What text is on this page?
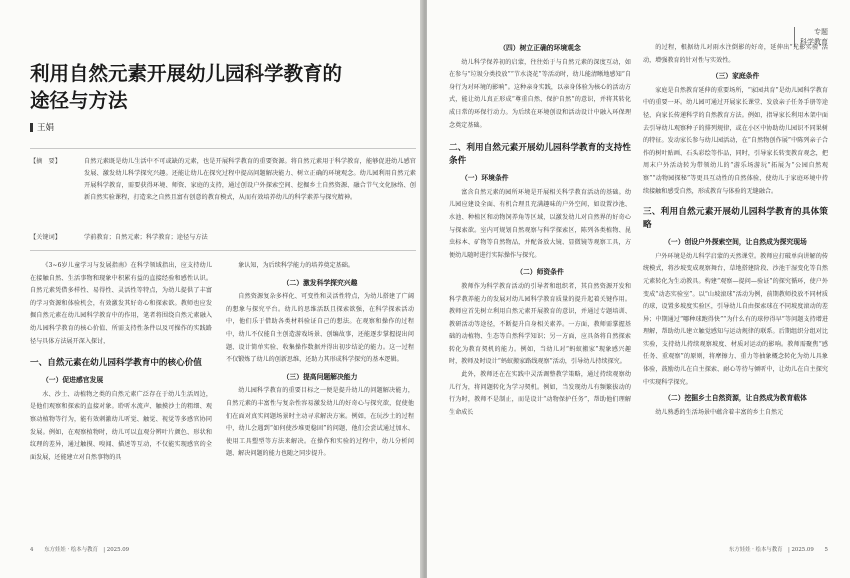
利用自然元素开展幼儿园科学教育的
途径与方法
王娟
【摘　要】	自然元素既是幼儿生活中不可或缺的元素，也是开展科学教育的重要资源。将自然元素用于科学教育，能够促进幼儿感官发展、激发幼儿科学探究兴趣。还能让幼儿在探究过程中提高问题解决能力、树立正确的环境观念。幼儿园利用自然元素开展科学教育，需要获得环境、师资、家庭的支持，通过创设户外探索空间、挖掘乡土自然资源、融合节气文化脉络、创新自然实验课程，打造来之自然且富有创意的教育模式，从而有效培养幼儿的科学素养与探究精神。
【关键词】	学前教育；自然元素；科学教育；途径与方法

《3~6岁儿童学习与发展指南》在科学领域指出，应支持幼儿在接触自然、生活事物和现象中积累有益的直接经验和感性认识。自然元素凭借多样性、易得性、灵活性等特点，为幼儿提供了丰富的学习资源和体验机会，有效激发其好奇心和探索欲。教师也应发掘自然元素在幼儿园科学教育中的作用，笔者将围绕自然元素融入幼儿园科学教育的核心价值、所需支持性条件以及可操作的实践路径与具体方法展开深入探讨，

一、自然元素在幼儿园科学教育中的核心价值
（一）促进感官发展

水、沙土、动植物之类的自然元素广泛存在于幼儿生活周边，是他们观察和探索的直接对象。聆听水流声、触摸沙土的粗细、观察动植物等行为，能有效刺激幼儿听觉、触觉、视觉等多感官协同发展。例如，在观察植物时，幼儿可以直观分辨叶片颜色、形状和纹理的差异，通过触摸、嗅闻、描述等互动，不仅能实现感官的全面发展，还能建立对自然事物的具

象认知，为后续科学能力的培养奠定基础。

（二）激发科学探究兴趣

自然资源复杂多样化、可变性和灵活性特点，为幼儿搭建了广阔的想象与探究平台。幼儿的思维活跃且探索欲强，在科学探索活动中，他们乐于借助各类材料验证自己的想法。在观察和操作的过程中，幼儿不仅能自主创造游戏场景、创编故事，还能逐步掌握提出问题、设计简单实验、收集操作数据并得出初步结论的能力。这一过程不仅锻炼了幼儿的创新思维，还助力其形成科学探究的基本逻辑。

（三）提高问题解决能力

幼儿园科学教育的重要目标之一便是提升幼儿的问题解决能力，自然元素的丰富性与复杂性容易激发幼儿的好奇心与探究欲，促使他们在面对真实问题场景时主动寻求解决方案。例如，在玩沙土的过程中，幼儿会遇到“如何使沙堆更稳固”的问题，他们会尝试通过加水、使用工具塑型等方法来解决。在操作和实验的过程中，幼儿分析问题、解决问题的能力也随之同步提升。

4　　东方娃娃 · 绘本与教育　| 2025.09
专题
科学教育
（四）树立正确的环境观念

幼儿科学保养初的启蒙，往往始于与自然元素的深度互动，如在参与“垃圾分类投放”“节水浇花”等活动时，幼儿能清晰地感知“自身行为对环境的影响”。这种亲身实践，以亲身体验为核心的活动方式，能让幼儿真正形成“尊重自然、保护自然”的意识，并将其转化成日常的环保行动力。为后续在环境创设和活动设计中融入环保理念奠定基础。

二、利用自然元素开展幼儿园科学教育的支持性条件
（一）环境条件

富含自然元素的园所环境是开展相关科学教育活动的基础。幼儿园应建设全面、有机合理且充满趣味的户外空间，如设置沙池、水池、种植区和动物饲养角等区域，以激发幼儿对自然界的好奇心与探索欲。室内可规划自然观察与科学探索区，陈列各类植物、昆虫标本、矿物等自然物品，并配备放大镜、显微镜等观察工具，方便幼儿随时进行实际操作与探究。

（二）师资条件

教师作为科学教育活动的引导者和组织者，其自然资源开发和科学教养能力的发展对幼儿园科学教育质量的提升起着关键作用。教师应首先树立利用自然元素开展教育的意识，并通过专题培训、教研活动等途径，不断提升自身相关素养。一方面，教师需掌握基础的动植物、生态等自然科学知识；另一方面，应具备将自然探索转化为教育契机的能力。例如，当幼儿对“蚂蚁搬家”现象感兴趣时，教师及时设计“蚂蚁搬家路线观察”活动，引导幼儿持续探究。

此外，教师还在在实践中灵活调整教学策略，通过持续观察幼儿行为，将问题转化为学习契机。例如，当发现幼儿有频繁拔动的行为时，教师不是制止，而是设计“动物保护任务”，帮助他们理解生命成长

的过程，根据幼儿对雨水注倒影的好奇，延伸出“光影实验”活动，增强教育的针对性与实效性。

（三）家庭条件

家庭是自然教育延伸的重要场所，“家园共育”是幼儿园科学教育中的重要一环。幼儿园可通过开展家长课堂、发放亲子任务手册等途径，向家长传递科学的自然教育方法。例如，指导家长利用木架中面去引导幼儿观察种子的排列规律，或在小区中协助幼儿园识不同果树的特征。发动家长参与幼儿园活动，在“自然物创作展”中陈列亲子合作的树叶贴画、石头彩绘等作品，同时，引导家长转变教育观念，把周末户外活动转为带领幼儿的“游乐场游玩”拓展为“公园自然观察”“动物园探秘”等更具互动性的自然体验，使幼儿于家庭环境中持续接触和感受自然，形成教育与体验的无缝融合。

三、利用自然元素开展幼儿园科学教育的具体策略
（一）创设户外探索空间，让自然成为探究现场

户外环境是幼儿科学启蒙的天然课堂。教师应打破单向讲解的传统模式，将沙坡变成观察舞台，草地搭建阶段、沙池干湿变化等自然元素转化为生动教具。构建“观察—提问—验证”的探究循环，使户外变成“动态实验室”。以“山坡滚球”活动为例，前期教师投放不同材质的球，设置多坡度实验区，引导幼儿自由探索球在不同坡度滚动的差异；中期通过“哪种球跑得快”“为什么有的球停得早”等问题支持增进理解，帮助幼儿建立触觉感知与运动规律的联系。后期组织分组对比实验，支持幼儿持续观察坡度、材质对运动的影响。教师需聚焦“感任务、重观察”的原则，将摩擦力、重力等抽象概念转化为幼儿具象体验，鼓励幼儿在自主探索、耐心等待与倾听中，让幼儿在自主探究中实现科学探究。

（二）挖掘乡土自然资源，让自然成为教育载体

幼儿熟悉的生活场景中蕴含着丰富的乡土自然元

东方娃娃 · 绘本与教育　| 2025.09　　5
